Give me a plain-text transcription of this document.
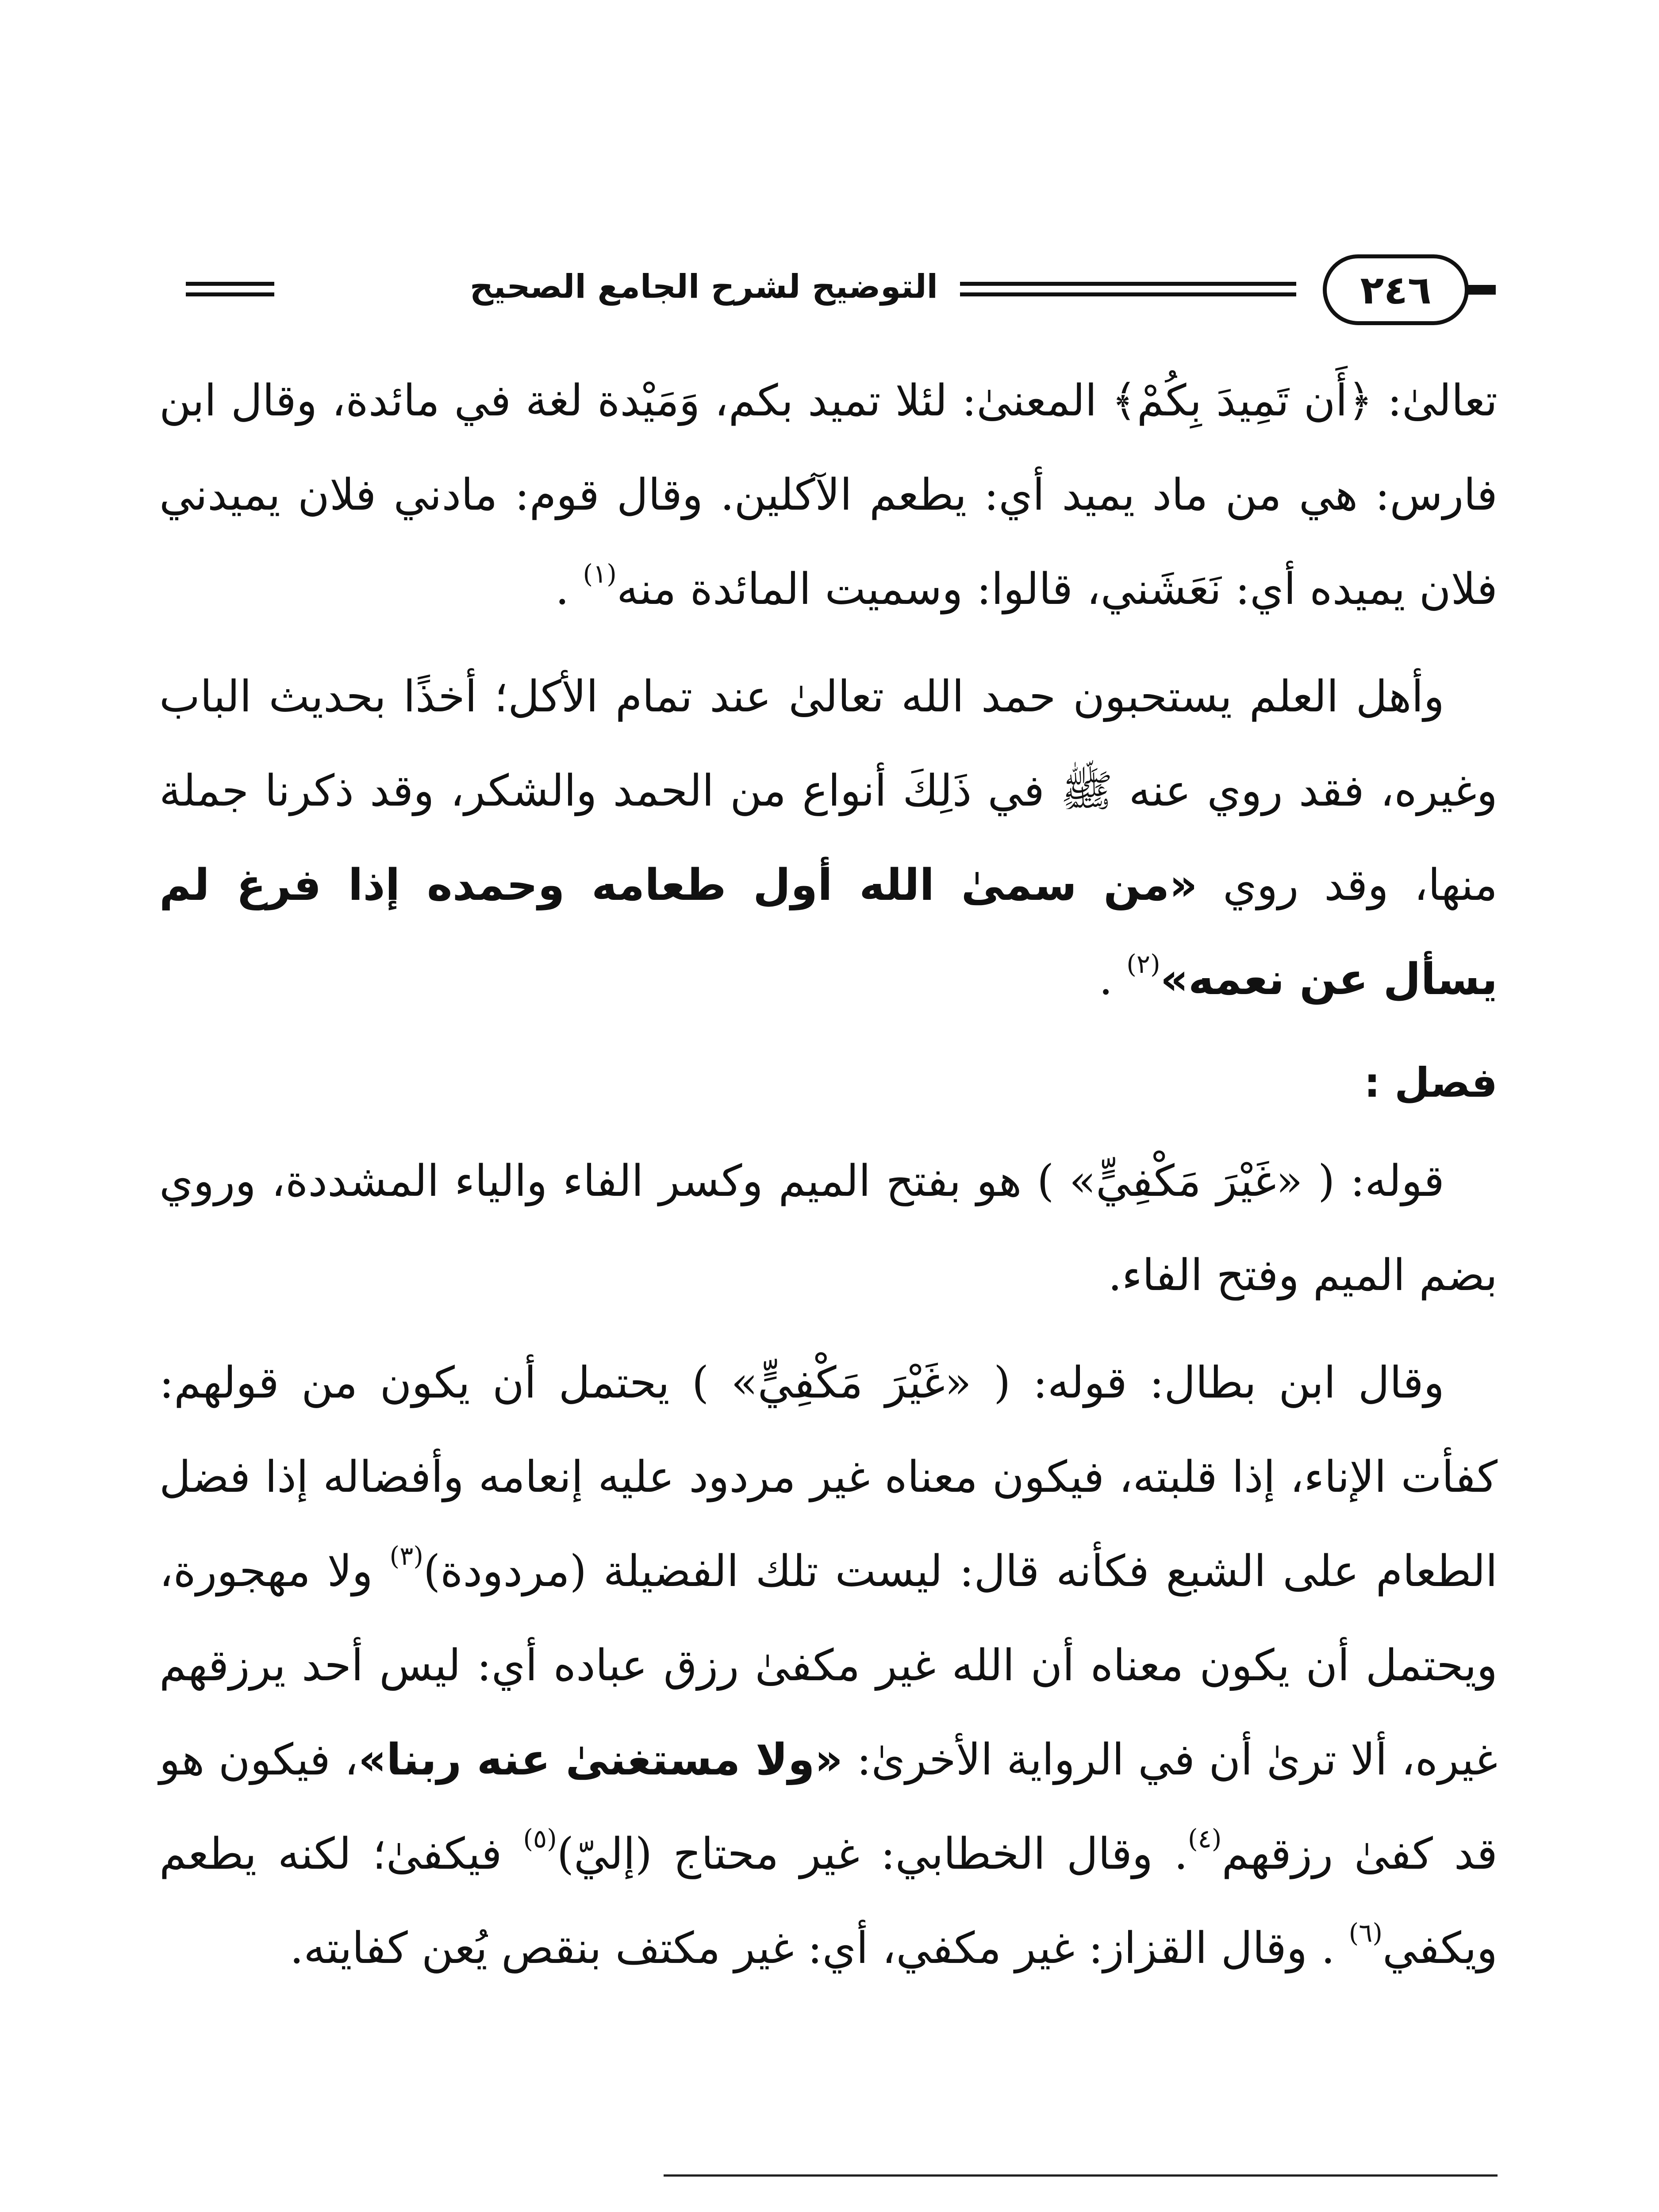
التوضيح لشرح الجامع الصحيح	٢٤٦

تعالىٰ: ﴿أَن تَمِيدَ بِكُمْ﴾ المعنىٰ: لئلا تميد بكم، وَمَيْدة لغة في مائدة، وقال ابن فارس: هي من ماد يميد أي: يطعم الآكلين. وقال قوم: مادني فلان يميدني فلان يميده أي: نَعَشَني، قالوا: وسميت المائدة منه$^{(١)}$ .

وأهل العلم يستحبون حمد الله تعالىٰ عند تمام الأكل؛ أخذًا بحديث الباب وغيره، فقد روي عنه ﷺ في ذَلِكَ أنواع من الحمد والشكر، وقد ذكرنا جملة منها، وقد روي «من سمىٰ الله أول طعامه وحمده إذا فرغ لم يسأل عن نعمه»$^{(٢)}$ .

فصل :

قوله: ( «غَيْرَ مَكْفِيٍّ» ) هو بفتح الميم وكسر الفاء والياء المشددة، وروي بضم الميم وفتح الفاء.

وقال ابن بطال: قوله: ( «غَيْرَ مَكْفِيٍّ» ) يحتمل أن يكون من قولهم: كفأت الإناء، إذا قلبته، فيكون معناه غير مردود عليه إنعامه وأفضاله إذا فضل الطعام على الشبع فكأنه قال: ليست تلك الفضيلة (مردودة)$^{(٣)}$ ولا مهجورة، ويحتمل أن يكون معناه أن الله غير مكفىٰ رزق عباده أي: ليس أحد يرزقهم غيره، ألا ترىٰ أن في الرواية الأخرىٰ: «ولا مستغنىٰ عنه ربنا»، فيكون هو قد كفىٰ رزقهم$^{(٤)}$. وقال الخطابي: غير محتاج (إليّ)$^{(٥)}$ فيكفىٰ؛ لكنه يطعم ويكفي$^{(٦)}$ . وقال القزاز: غير مكفي، أي: غير مكتف بنقص يُعن كفايته.
